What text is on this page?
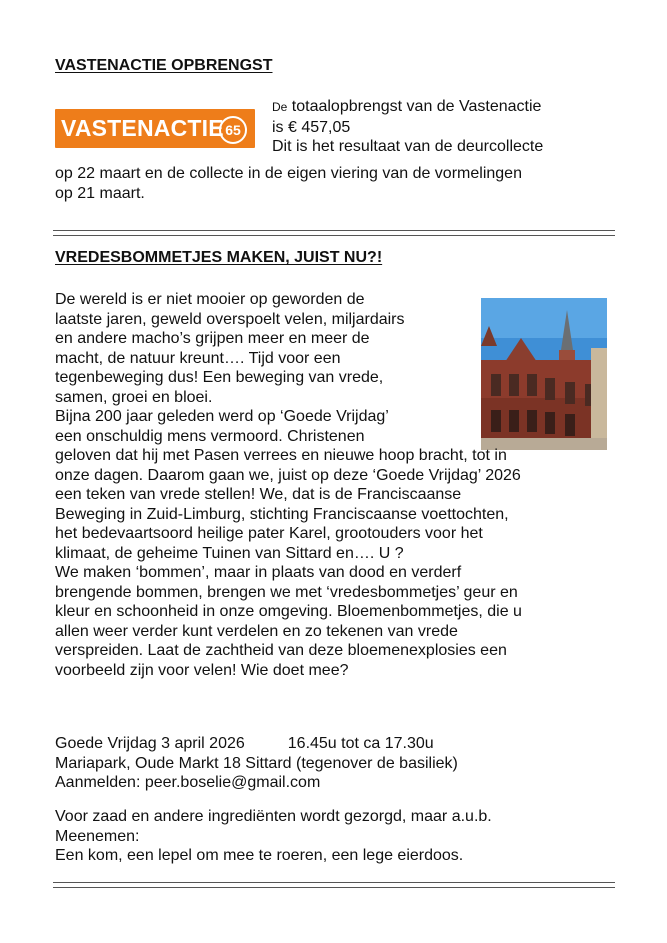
VASTENACTIE OPBRENGST
VASTENACTIE 65

De totaalopbrengst van de Vastenactie

is € 457,05

Dit is het resultaat van de deurcollecte

op 22 maart en de collecte in de eigen viering van de vormelingen

op 21 maart.

VREDESBOMMETJES MAKEN, JUIST NU?!

De wereld is er niet mooier op geworden de

laatste jaren, geweld overspoelt velen, miljardairs

en andere macho’s grijpen meer en meer de

macht, de natuur kreunt…. Tijd voor een

tegenbeweging dus! Een beweging van vrede,

samen, groei en bloei.

Bijna 200 jaar geleden werd op ‘Goede Vrijdag’

een onschuldig mens vermoord. Christenen

geloven dat hij met Pasen verrees en nieuwe hoop bracht, tot in

onze dagen. Daarom gaan we, juist op deze ‘Goede Vrijdag’ 2026

een teken van vrede stellen! We, dat is de Franciscaanse

Beweging in Zuid-Limburg, stichting Franciscaanse voettochten,

het bedevaartsoord heilige pater Karel, grootouders voor het

klimaat, de geheime Tuinen van Sittard en…. U ?

We maken ‘bommen’, maar in plaats van dood en verderf

brengende bommen, brengen we met ‘vredesbommetjes’ geur en

kleur en schoonheid in onze omgeving. Bloemenbommetjes, die u

allen weer verder kunt verdelen en zo tekenen van vrede

verspreiden. Laat de zachtheid van deze bloemenexplosies een

voorbeeld zijn voor velen! Wie doet mee?

Goede Vrijdag 3 april 2026	16.45u tot ca 17.30u

Mariapark, Oude Markt 18 Sittard (tegenover de basiliek)

Aanmelden: peer.boselie@gmail.com

Voor zaad en andere ingrediënten wordt gezorgd, maar a.u.b.

Meenemen:

Een kom, een lepel om mee te roeren, een lege eierdoos.
